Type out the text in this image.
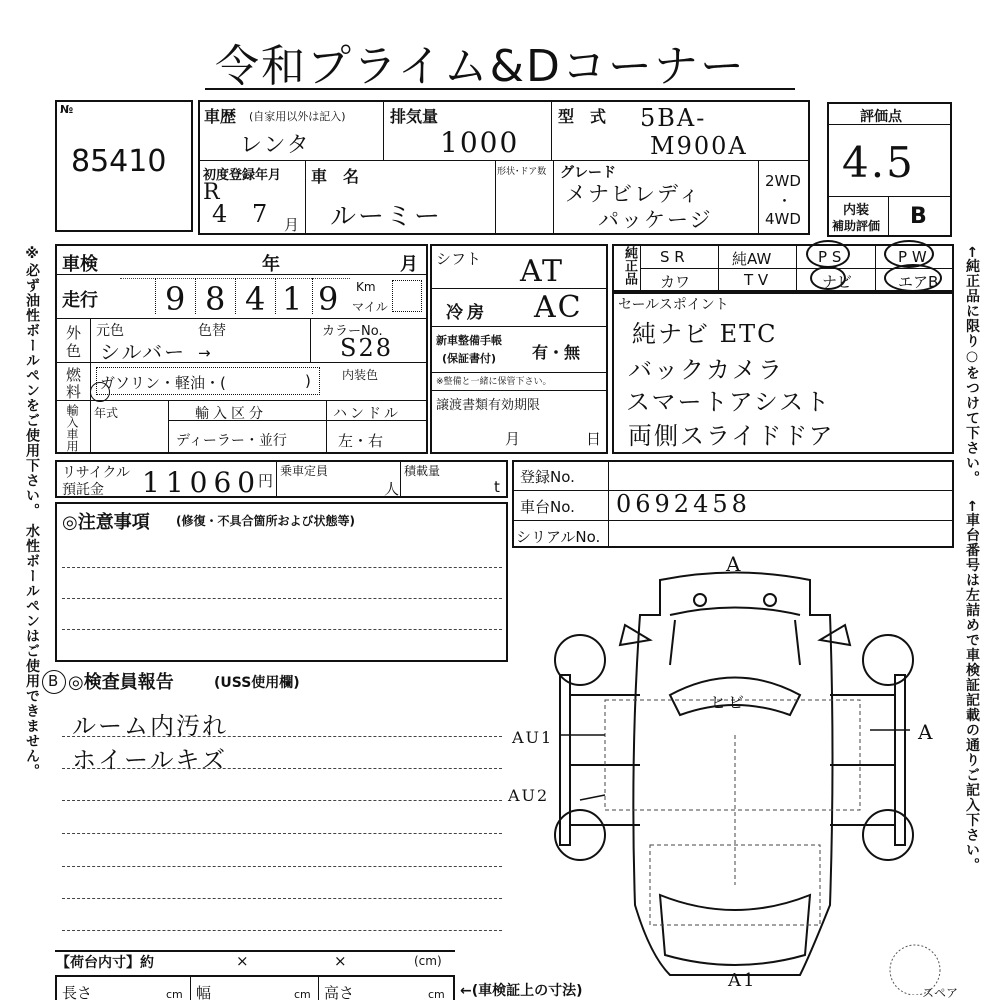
令和プライム&Dコーナー
№
85410
車歴 (自家用以外は記入)
レンタ
排気量
1000
型　式 5BA-
M900A
初度登録年月
R
4 7 月
車　名
ルーミー
形状･ドア数 グレード
メナビレディ
パッケージ
2WD
・
4WD
評価点
4.5
内装
補助評価 B
車検	年	月
走行 9 8 4 1 9 Km
マイル
外
色
元色	色替
シルバー →
カラーNo.
S28
燃
料 ガソリン・軽油・(	)	内装色
輸入車用 年式	輸入区分
ディーラー・並行
ハンドル
左・右
シフト AT
冷房 AC
新車整備手帳
(保証書付) 有・無
※整備と一緒に保管下さい。
譲渡書類有効期限
月	日
純正品 S R	純AW	P S	P W
カワ	T V	ナビ	エアB
セールスポイント
純ナビ ETC
バックカメラ
スマートアシスト
両側スライドドア
リサイクル
預託金 11060
円
乗車定員
人
積載量
t
登録No.
車台No. 0692458
シリアルNo.
◎注意事項 (修復・不具合箇所および状態等)
B ◎検査員報告	(USS使用欄)
ルーム内汚れ
ホイールキズ
【荷台内寸】約	×	×	(cm)
長さ	cm 幅	cm 高さ	cm ←(車検証上の寸法)
A
ヒビ
AU1
AU2
A
A1
スペア
※必ず油性ボールペンをご使用下さい。 水性ボールペンはご使用できません。	←純正品に限り○をつけて下さい。
←車台番号は左詰めで車検証記載の通りご記入下さい。
